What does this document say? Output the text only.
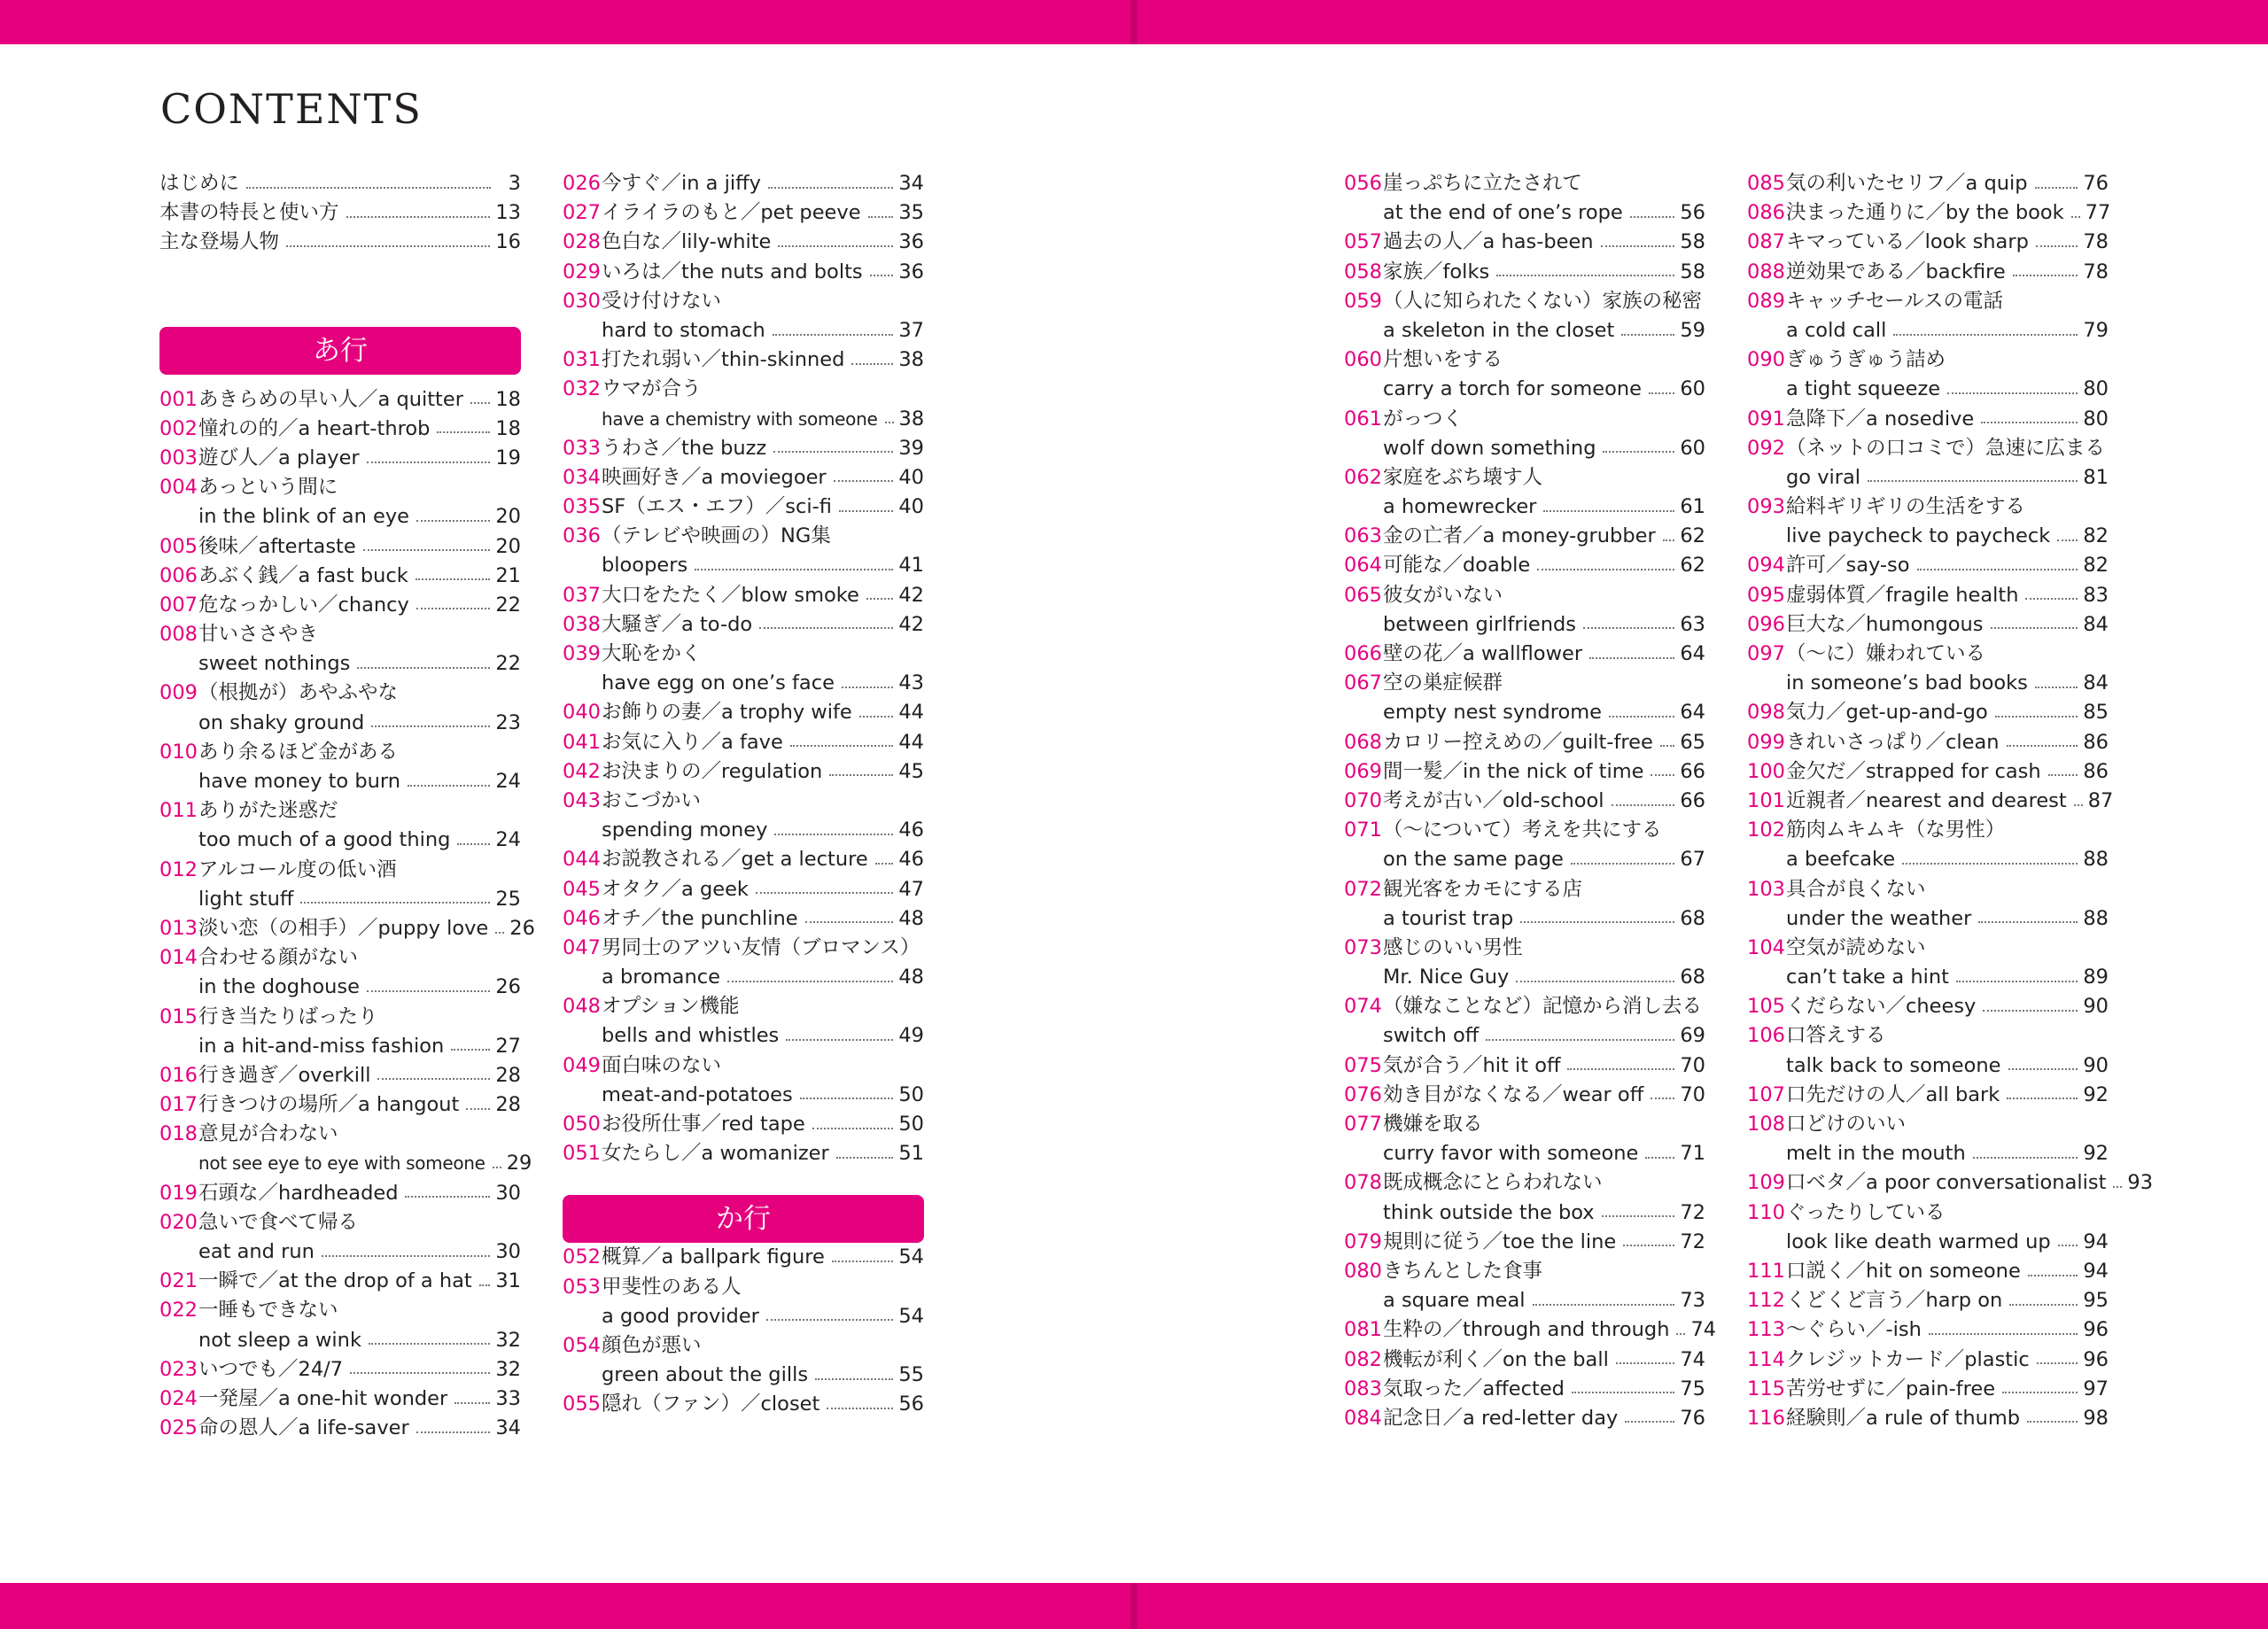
CONTENTS
はじめに	3
本書の特長と使い方	13
主な登場人物	16
あ行
001 あきらめの早い人／a quitter 18
002 憧れの的／a heart-throb	18
003 遊び人／a player	19
004 あっという間に
in the blink of an eye	20
005 後味／aftertaste	20
006 あぶく銭／a fast buck	21
007 危なっかしい／chancy	22
008 甘いささやき
sweet nothings	22
009 （根拠が）あやふやな
on shaky ground	23
010 あり余るほど金がある
have money to burn	24
011 ありがた迷惑だ
too much of a good thing 24
012 アルコール度の低い酒
light stuff	25
013 淡い恋（の相手）／puppy love 26
014 合わせる顔がない
in the doghouse	26
015 行き当たりばったり
in a hit-and-miss fashion	27
016 行き過ぎ／overkill	28
017 行きつけの場所／a hangout 28
018 意見が合わない
not see eye to eye with someone 29
019 石頭な／hardheaded	30
020 急いで食べて帰る
eat and run	30
021 一瞬で／at the drop of a hat 31
022 一睡もできない
not sleep a wink	32
023 いつでも／24/7	32
024 一発屋／a one-hit wonder 33
025 命の恩人／a life-saver	34
026 今すぐ／in a jiffy	34
027 イライラのもと／pet peeve 35
028 色白な／lily-white	36
029 いろは／the nuts and bolts 36
030 受け付けない
hard to stomach	37
031 打たれ弱い／thin-skinned	38
032 ウマが合う
have a chemistry with someone 38
033 うわさ／the buzz	39
034 映画好き／a moviegoer	40
035 SF（エス・エフ）／sci-fi	40
036 （テレビや映画の）NG集
bloopers	41
037 大口をたたく／blow smoke 42
038 大騒ぎ／a to-do	42
039 大恥をかく
have egg on one’s face	43
040 お飾りの妻／a trophy wife 44
041 お気に入り／a fave	44
042 お決まりの／regulation	45
043 おこづかい
spending money	46
044 お説教される／get a lecture 46
045 オタク／a geek	47
046 オチ／the punchline	48
047 男同士のアツい友情（ブロマンス）
a bromance	48
048 オプション機能
bells and whistles	49
049 面白味のない
meat-and-potatoes	50
050 お役所仕事／red tape	50
051 女たらし／a womanizer	51
か行
052 概算／a ballpark figure	54
053 甲斐性のある人
a good provider	54
054 顔色が悪い
green about the gills	55
055 隠れ（ファン）／closet	56
056 崖っぷちに立たされて
at the end of one’s rope	56
057 過去の人／a has-been	58
058 家族／folks	58
059 （人に知られたくない）家族の秘密
a skeleton in the closet	59
060 片想いをする
carry a torch for someone 60
061 がっつく
wolf down something	60
062 家庭をぶち壊す人
a homewrecker	61
063 金の亡者／a money-grubber 62
064 可能な／doable	62
065 彼女がいない
between girlfriends	63
066 壁の花／a wallflower	64
067 空の巣症候群
empty nest syndrome	64
068 カロリー控えめの／guilt-free 65
069 間一髪／in the nick of time 66
070 考えが古い／old-school	66
071 （～について）考えを共にする
on the same page	67
072 観光客をカモにする店
a tourist trap	68
073 感じのいい男性
Mr. Nice Guy	68
074 （嫌なことなど）記憶から消し去る
switch off	69
075 気が合う／hit it off	70
076 効き目がなくなる／wear off 70
077 機嫌を取る
curry favor with someone 71
078 既成概念にとらわれない
think outside the box	72
079 規則に従う／toe the line	72
080 きちんとした食事
a square meal	73
081 生粋の／through and through 74
082 機転が利く／on the ball	74
083 気取った／affected	75
084 記念日／a red-letter day	76
085 気の利いたセリフ／a quip	76
086 決まった通りに／by the book 77
087 キマっている／look sharp	78
088 逆効果である／backfire	78
089 キャッチセールスの電話
a cold call	79
090 ぎゅうぎゅう詰め
a tight squeeze	80
091 急降下／a nosedive	80
092 （ネットの口コミで）急速に広まる
go viral	81
093 給料ギリギリの生活をする
live paycheck to paycheck 82
094 許可／say-so	82
095 虚弱体質／fragile health	83
096 巨大な／humongous	84
097 （～に）嫌われている
in someone’s bad books	84
098 気力／get-up-and-go	85
099 きれいさっぱり／clean	86
100 金欠だ／strapped for cash 86
101 近親者／nearest and dearest 87
102 筋肉ムキムキ（な男性）
a beefcake	88
103 具合が良くない
under the weather	88
104 空気が読めない
can’t take a hint	89
105 くだらない／cheesy	90
106 口答えする
talk back to someone	90
107 口先だけの人／all bark	92
108 口どけのいい
melt in the mouth	92
109 口ベタ／a poor conversationalist 93
110 ぐったりしている
look like death warmed up 94
111 口説く／hit on someone	94
112 くどくど言う／harp on	95
113 ～ぐらい／-ish	96
114 クレジットカード／plastic	96
115 苦労せずに／pain-free	97
116 経験則／a rule of thumb	98
